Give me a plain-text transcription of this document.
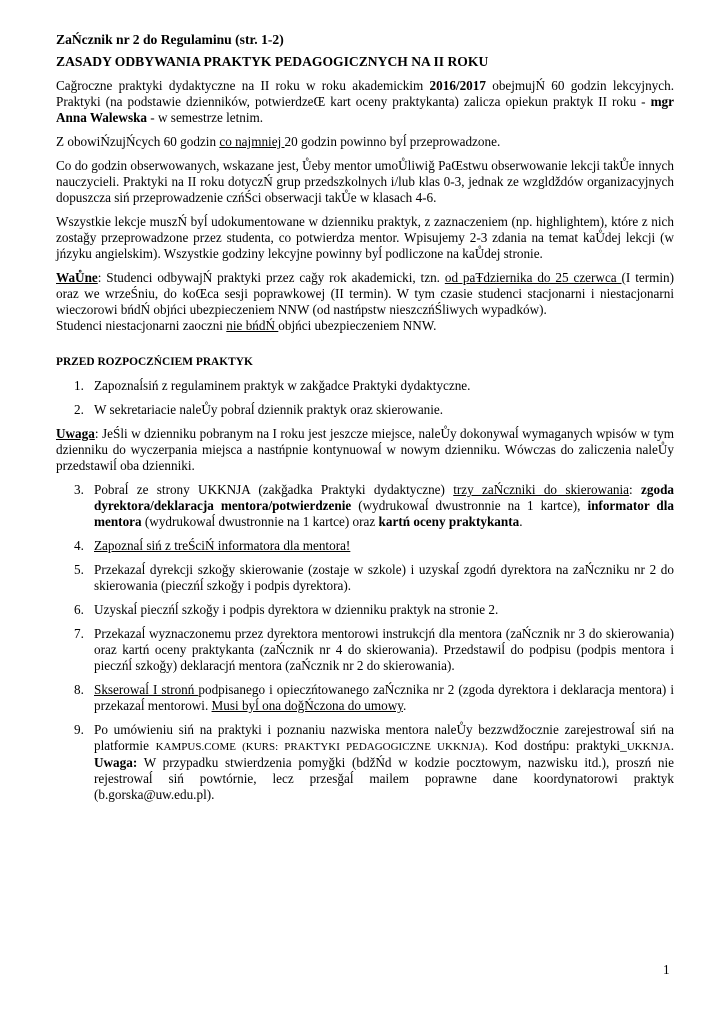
ZaŃcznik nr 2 do Regulaminu (str. 1-2)

ZASADY ODBYWANIA PRAKTYK PEDAGOGICZNYCH NA II ROKU

Caǧroczne praktyki dydaktyczne na II roku w roku akademickim 2016/2017 obejmujŃ 60 godzin lekcyjnych. Praktyki (na podstawie dzienników, potwierdzeŒ kart oceny praktykanta) zalicza opiekun praktyk II roku - mgr Anna Walewska - w semestrze letnim.

Z obowiŃzujŃcych 60 godzin co najmniej 20 godzin powinno byĺ przeprowadzone.

Co do godzin obserwowanych, wskazane jest, Ůeby mentor umoŮliwiǧ PaŒstwu obserwowanie lekcji takŮe innych nauczycieli. Praktyki na II roku dotyczŃ grup przedszkolnych i/lub klas 0-3, jednak ze wzglǆdów organizacyjnych dopuszcza siń przeprowadzenie czńŚci obserwacji takŮe w klasach 4-6.

Wszystkie lekcje muszŃ byĺ udokumentowane w dzienniku praktyk, z zaznaczeniem (np. highlightem), które z nich zostaǧy przeprowadzone przez studenta, co potwierdza mentor. Wpisujemy 2-3 zdania na temat kaŮdej lekcji (w jńzyku angielskim). Wszystkie godziny lekcyjne powinny byĺ podliczone na kaŮdej stronie.

WaŮne: Studenci odbywajŃ praktyki przez caǧy rok akademicki, tzn. od paŦdziernika do 25 czerwca (I termin) oraz we wrzeŚniu, do koŒca sesji poprawkowej (II termin). W tym czasie studenci stacjonarni i niestacjonarni wieczorowi bńdŃ objńci ubezpieczeniem NNW (od nastńpstw nieszczńŚliwych wypadków).

Studenci niestacjonarni zaoczni nie bńdŃ objńci ubezpieczeniem NNW.

PRZED ROZPOCZŃCIEM PRAKTYK

1. Zapoznaĺsiń z regulaminem praktyk w zakǧadce Praktyki dydaktyczne.
2. W sekretariacie naleŮy pobraĺ dziennik praktyk oraz skierowanie.

Uwaga: JeŚli w dzienniku pobranym na I roku jest jeszcze miejsce, naleŮy dokonywaĺ wymaganych wpisów w tym dzienniku do wyczerpania miejsca a nastńpnie kontynuowaĺ w nowym dzienniku. Wówczas do zaliczenia naleŮy przedstawiĺ oba dzienniki.

3. Pobraĺ ze strony UKKNJA (zakǧadka Praktyki dydaktyczne) trzy zaŃczniki do skierowania: zgoda dyrektora/deklaracja mentora/potwierdzenie (wydrukowaĺ dwustronnie na 1 kartce), informator dla mentora (wydrukowaĺ dwustronnie na 1 kartce) oraz kartń oceny praktykanta.
4. Zapoznaĺ siń z treŚciŃ informatora dla mentora!
5. Przekazaĺ dyrekcji szkoǧy skierowanie (zostaje w szkole) i uzyskaĺ zgodń dyrektora na zaŃczniku nr 2 do skierowania (pieczńĺ szkoǧy i podpis dyrektora).
6. Uzyskaĺ pieczńĺ szkoǧy i podpis dyrektora w dzienniku praktyk na stronie 2.
7. Przekazaĺ wyznaczonemu przez dyrektora mentorowi instrukcjń dla mentora (zaŃcznik nr 3 do skierowania) oraz kartń oceny praktykanta (zaŃcznik nr 4 do skierowania). Przedstawiĺ do podpisu (podpis mentora i pieczńĺ szkoǧy) deklaracjń mentora (zaŃcznik nr 2 do skierowania).
8. Skserowaĺ I stronń podpisanego i opieczńtowanego zaŃcznika nr 2 (zgoda dyrektora i deklaracja mentora) i przekazaĺ mentorowi. Musi byĺ ona doǧŃczona do umowy.
9. Po umówieniu siń na praktyki i poznaniu nazwiska mentora naleŮy bezzwǆocznie zarejestrowaĺ siń na platformie KAMPUS.COME (KURS: PRAKTYKI PEDAGOGICZNE UKKNJA). Kod dostńpu: praktyki_UKKNJA. Uwaga: W przypadku stwierdzenia pomyǧki (bǆŃd w kodzie pocztowym, nazwisku itd.), proszń nie rejestrowaĺ siń powtórnie, lecz przesǧaĺ mailem poprawne dane koordynatorowi praktyk (b.gorska@uw.edu.pl).
1
